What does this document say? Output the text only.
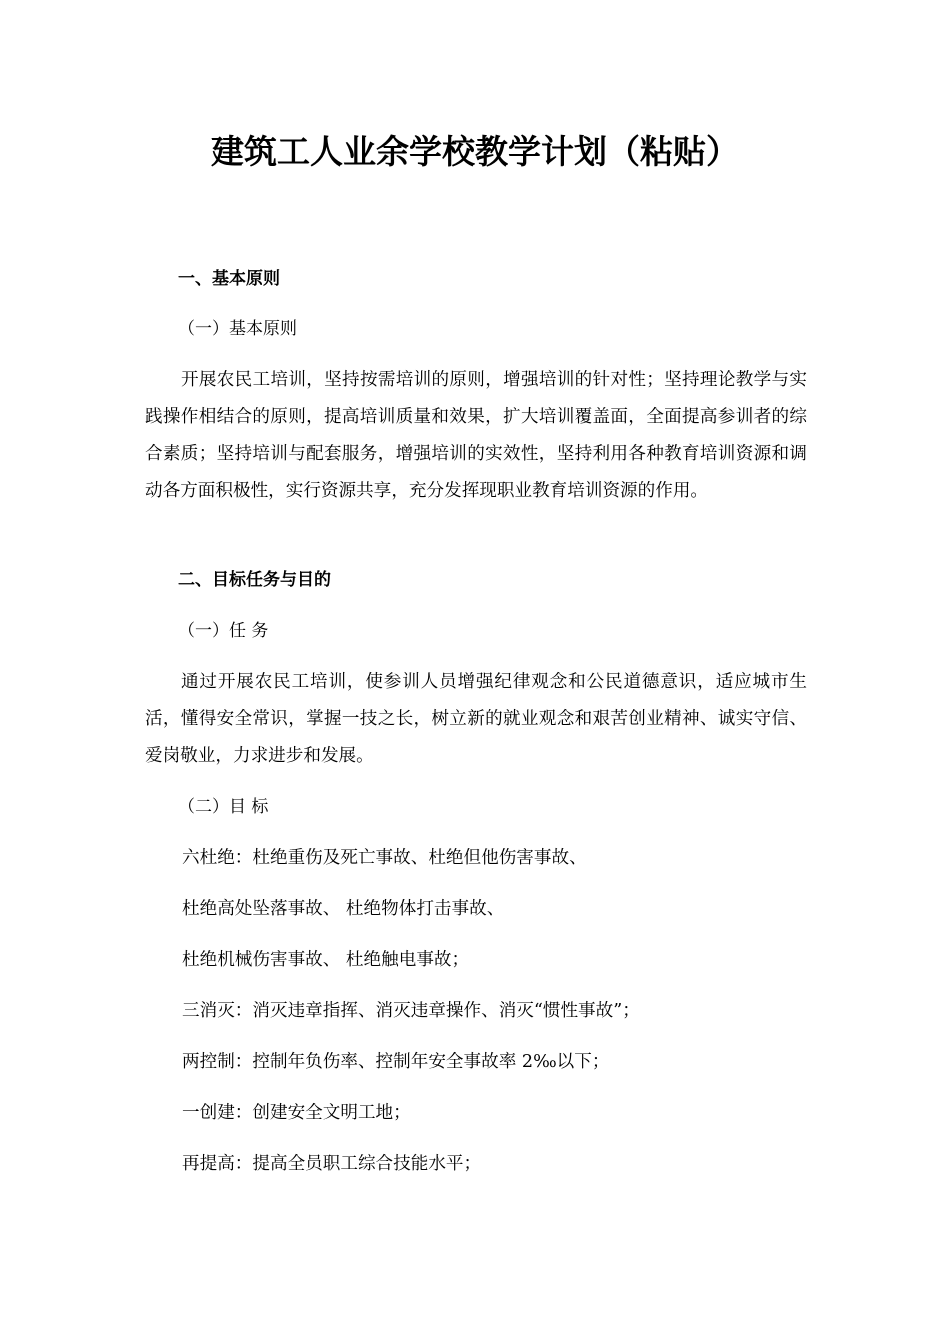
建筑工人业余学校教学计划（粘贴）
一、基本原则
（一）基本原则

开展农民工培训，坚持按需培训的原则，增强培训的针对性；坚持理论教学与实践操作相结合的原则，提高培训质量和效果，扩大培训覆盖面，全面提高参训者的综合素质；坚持培训与配套服务，增强培训的实效性，坚持利用各种教育培训资源和调动各方面积极性，实行资源共享，充分发挥现职业教育培训资源的作用。

二、目标任务与目的
（一）任 务

通过开展农民工培训，使参训人员增强纪律观念和公民道德意识，适应城市生活，懂得安全常识，掌握一技之长，树立新的就业观念和艰苦创业精神、诚实守信、爱岗敬业，力求进步和发展。

（二）目 标
六杜绝：杜绝重伤及死亡事故、杜绝但他伤害事故、
杜绝高处坠落事故、 杜绝物体打击事故、
杜绝机械伤害事故、 杜绝触电事故；
三消灭：消灭违章指挥、消灭违章操作、消灭“惯性事故”；
两控制：控制年负伤率、控制年安全事故率 2‰以下；
一创建：创建安全文明工地；
再提高：提高全员职工综合技能水平；
